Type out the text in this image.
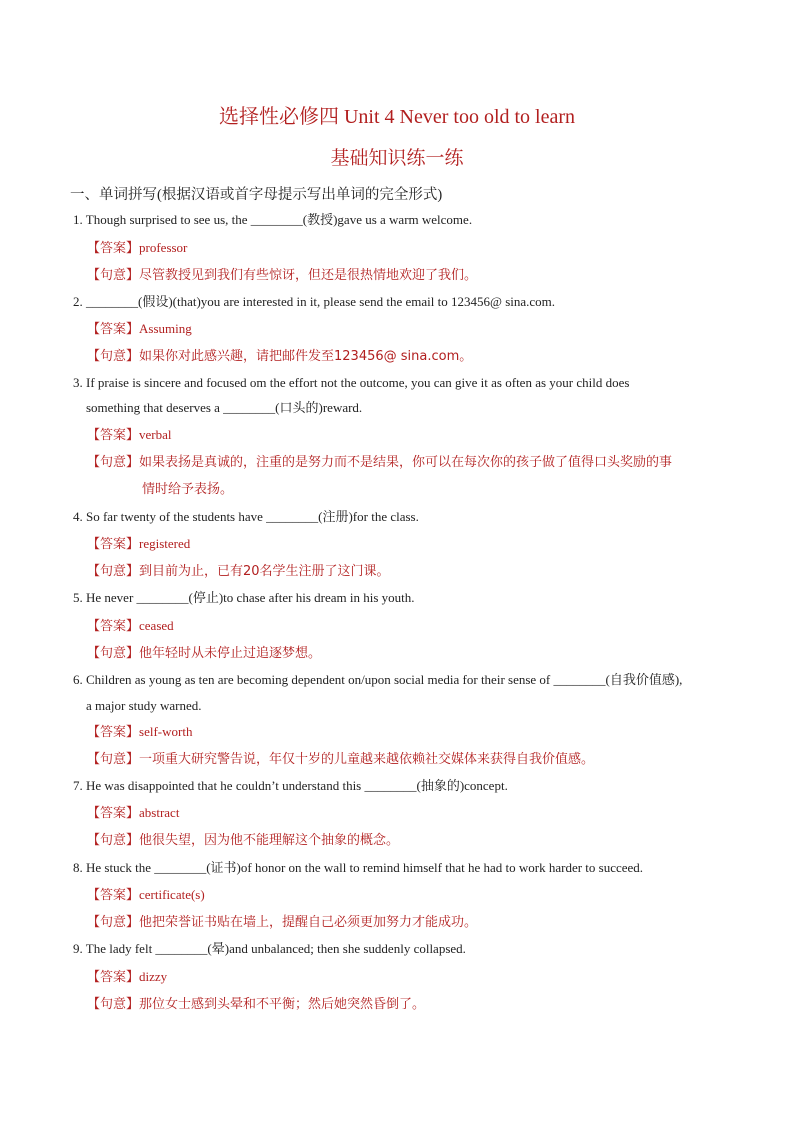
选择性必修四 Unit 4 Never too old to learn
基础知识练一练
一、单词拼写(根据汉语或首字母提示写出单词的完全形式)
1. Though surprised to see us, the ________(教授)gave us a warm welcome.
【答案】professor
【句意】尽管教授见到我们有些惊讶，但还是很热情地欢迎了我们。
2. ________(假设)(that)you are interested in it, please send the email to 123456@ sina.com.
【答案】Assuming
【句意】如果你对此感兴趣，请把邮件发至123456@ sina.com。
3. If praise is sincere and focused om the effort not the outcome, you can give it as often as your child does
something that deserves a ________(口头的)reward.
【答案】verbal
【句意】如果表扬是真诚的，注重的是努力而不是结果，你可以在每次你的孩子做了值得口头奖励的事
情时给予表扬。
4. So far twenty of the students have ________(注册)for the class.
【答案】registered
【句意】到目前为止，已有20名学生注册了这门课。
5. He never ________(停止)to chase after his dream in his youth.
【答案】ceased
【句意】他年轻时从未停止过追逐梦想。
6. Children as young as ten are becoming dependent on/upon social media for their sense of ________(自我价值感),
a major study warned.
【答案】self-worth
【句意】一项重大研究警告说，年仅十岁的儿童越来越依赖社交媒体来获得自我价值感。
7. He was disappointed that he couldn’t understand this ________(抽象的)concept.
【答案】abstract
【句意】他很失望，因为他不能理解这个抽象的概念。
8. He stuck the ________(证书)of honor on the wall to remind himself that he had to work harder to succeed.
【答案】certificate(s)
【句意】他把荣誉证书贴在墙上，提醒自己必须更加努力才能成功。
9. The lady felt ________(晕)and unbalanced; then she suddenly collapsed.
【答案】dizzy
【句意】那位女士感到头晕和不平衡；然后她突然昏倒了。
